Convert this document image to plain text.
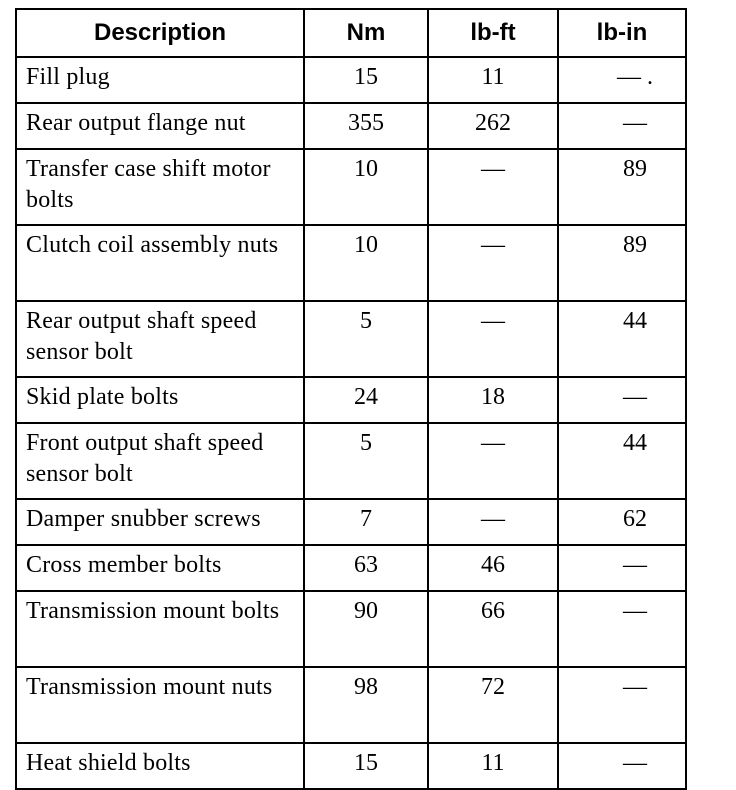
Description	Nm	lb-ft	lb-in
Fill plug	15	11	— .
Rear output flange nut	355	262	—
Transfer case shift motor bolts	10	—	89
Clutch coil assembly nuts	10	—	89
Rear output shaft speed sensor bolt	5	—	44
Skid plate bolts	24	18	—
Front output shaft speed sensor bolt	5	—	44
Damper snubber screws	7	—	62
Cross member bolts	63	46	—
Transmission mount bolts	90	66	—
Transmission mount nuts	98	72	—
Heat shield bolts	15	11	—
